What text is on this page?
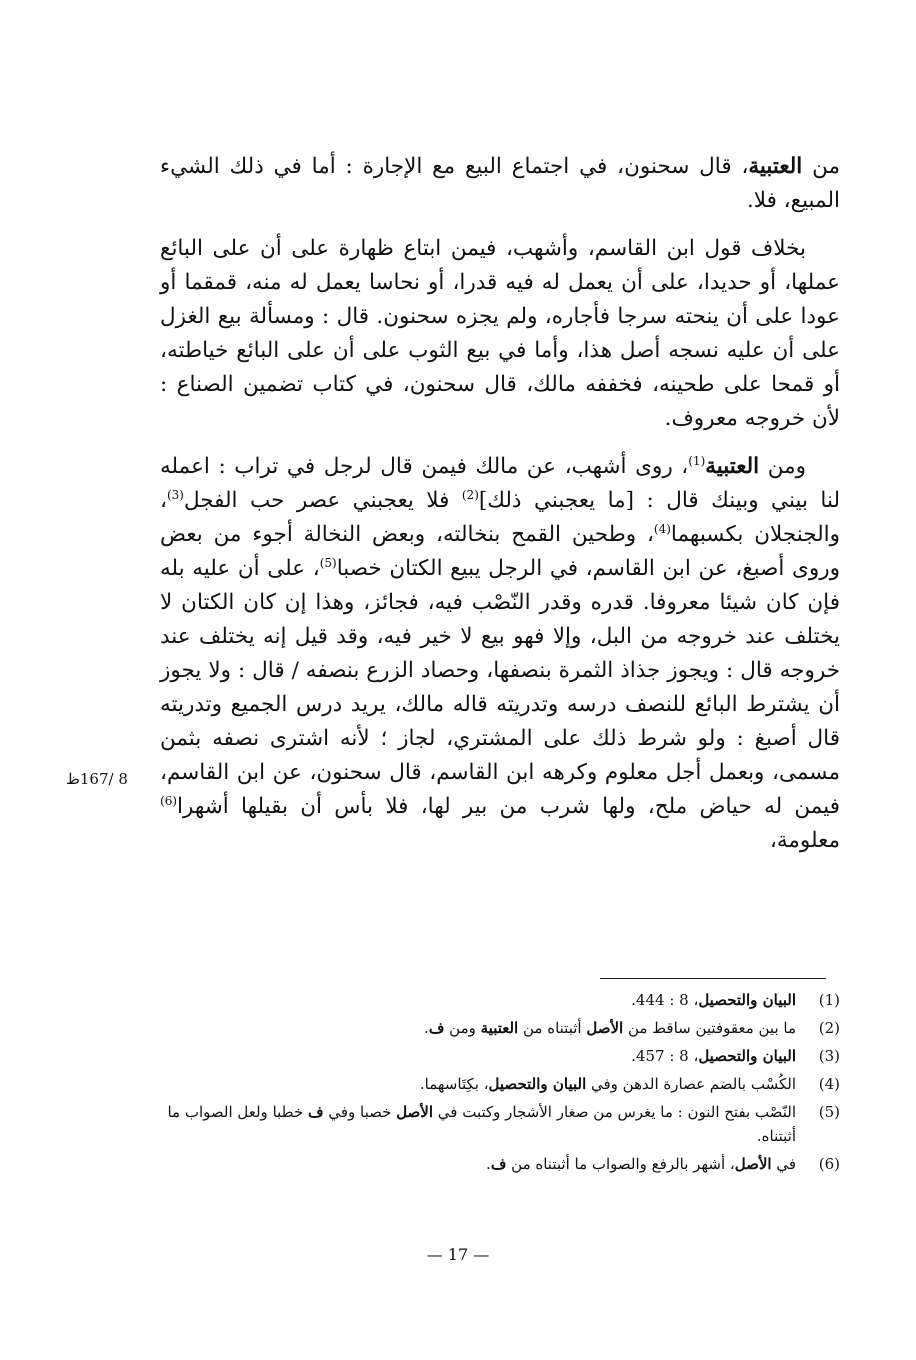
من العتبية، قال سحنون، في اجتماع البيع مع الإجارة : أما في ذلك الشيء المبيع، فلا.

بخلاف قول ابن القاسم، وأشهب، فيمن ابتاع ظهارة على أن على البائع عملها، أو حديدا، على أن يعمل له فيه قدرا، أو نحاسا يعمل له منه، قمقما أو عودا على أن ينحته سرجا فأجاره، ولم يجزه سحنون. قال : ومسألة بيع الغزل على أن عليه نسجه أصل هذا، وأما في بيع الثوب على أن على البائع خياطته، أو قمحا على طحينه، فخففه مالك، قال سحنون، في كتاب تضمين الصناع : لأن خروجه معروف.

ومن العتبية$^{(1)}$، روى أشهب، عن مالك فيمن قال لرجل في تراب : اعمله لنا بيني وبينك قال : [ما يعجبني ذلك]$^{(2)}$ فلا يعجبني عصر حب الفجل$^{(3)}$، والجنجلان بكسبهما$^{(4)}$، وطحين القمح بنخالته، وبعض النخالة أجوء من بعض وروى أصبغ، عن ابن القاسم، في الرجل يبيع الكتان خصبا$^{(5)}$، على أن عليه بله فإن كان شيئا معروفا. قدره وقدر النّصْب فيه، فجائز، وهذا إن كان الكتان لا يختلف عند خروجه من البل، وإلا فهو بيع لا خير فيه، وقد قيل إنه يختلف عند خروجه قال : ويجوز جذاذ الثمرة بنصفها، وحصاد الزرع بنصفه / قال : ولا يجوز أن يشترط البائع للنصف درسه وتدريته قاله مالك، يريد درس الجميع وتدريته قال أصبغ : ولو شرط ذلك على المشتري، لجاز ؛ لأنه اشترى نصفه بثمن مسمى، وبعمل أجل معلوم وكرهه ابن القاسم، قال سحنون، عن ابن القاسم، فيمن له حياض ملح، ولها شرب من بير لها، فلا بأس أن بقيلها أشهرا$^{(6)}$ معلومة،

8 /167ظ
(1)
البيان والتحصيل، 8 : 444.
(2)
ما بين معقوفتين ساقط من الأصل أثبتناه من العتبية ومن ف.
(3)
البيان والتحصيل، 8 : 457.
(4)
الكُسْب بالضم عصارة الدهن وفي البيان والتحصيل، بكِتَاسهما.
(5)
النّصْب بفتح النون : ما يغرس من صغار الأشجار وكتبت في الأصل خصبا وفي ف خطبا ولعل الصواب ما أثبتناه.
(6)
في الأصل، أشهر بالرفع والصواب ما أثبتناه من ف.
— 17 —
